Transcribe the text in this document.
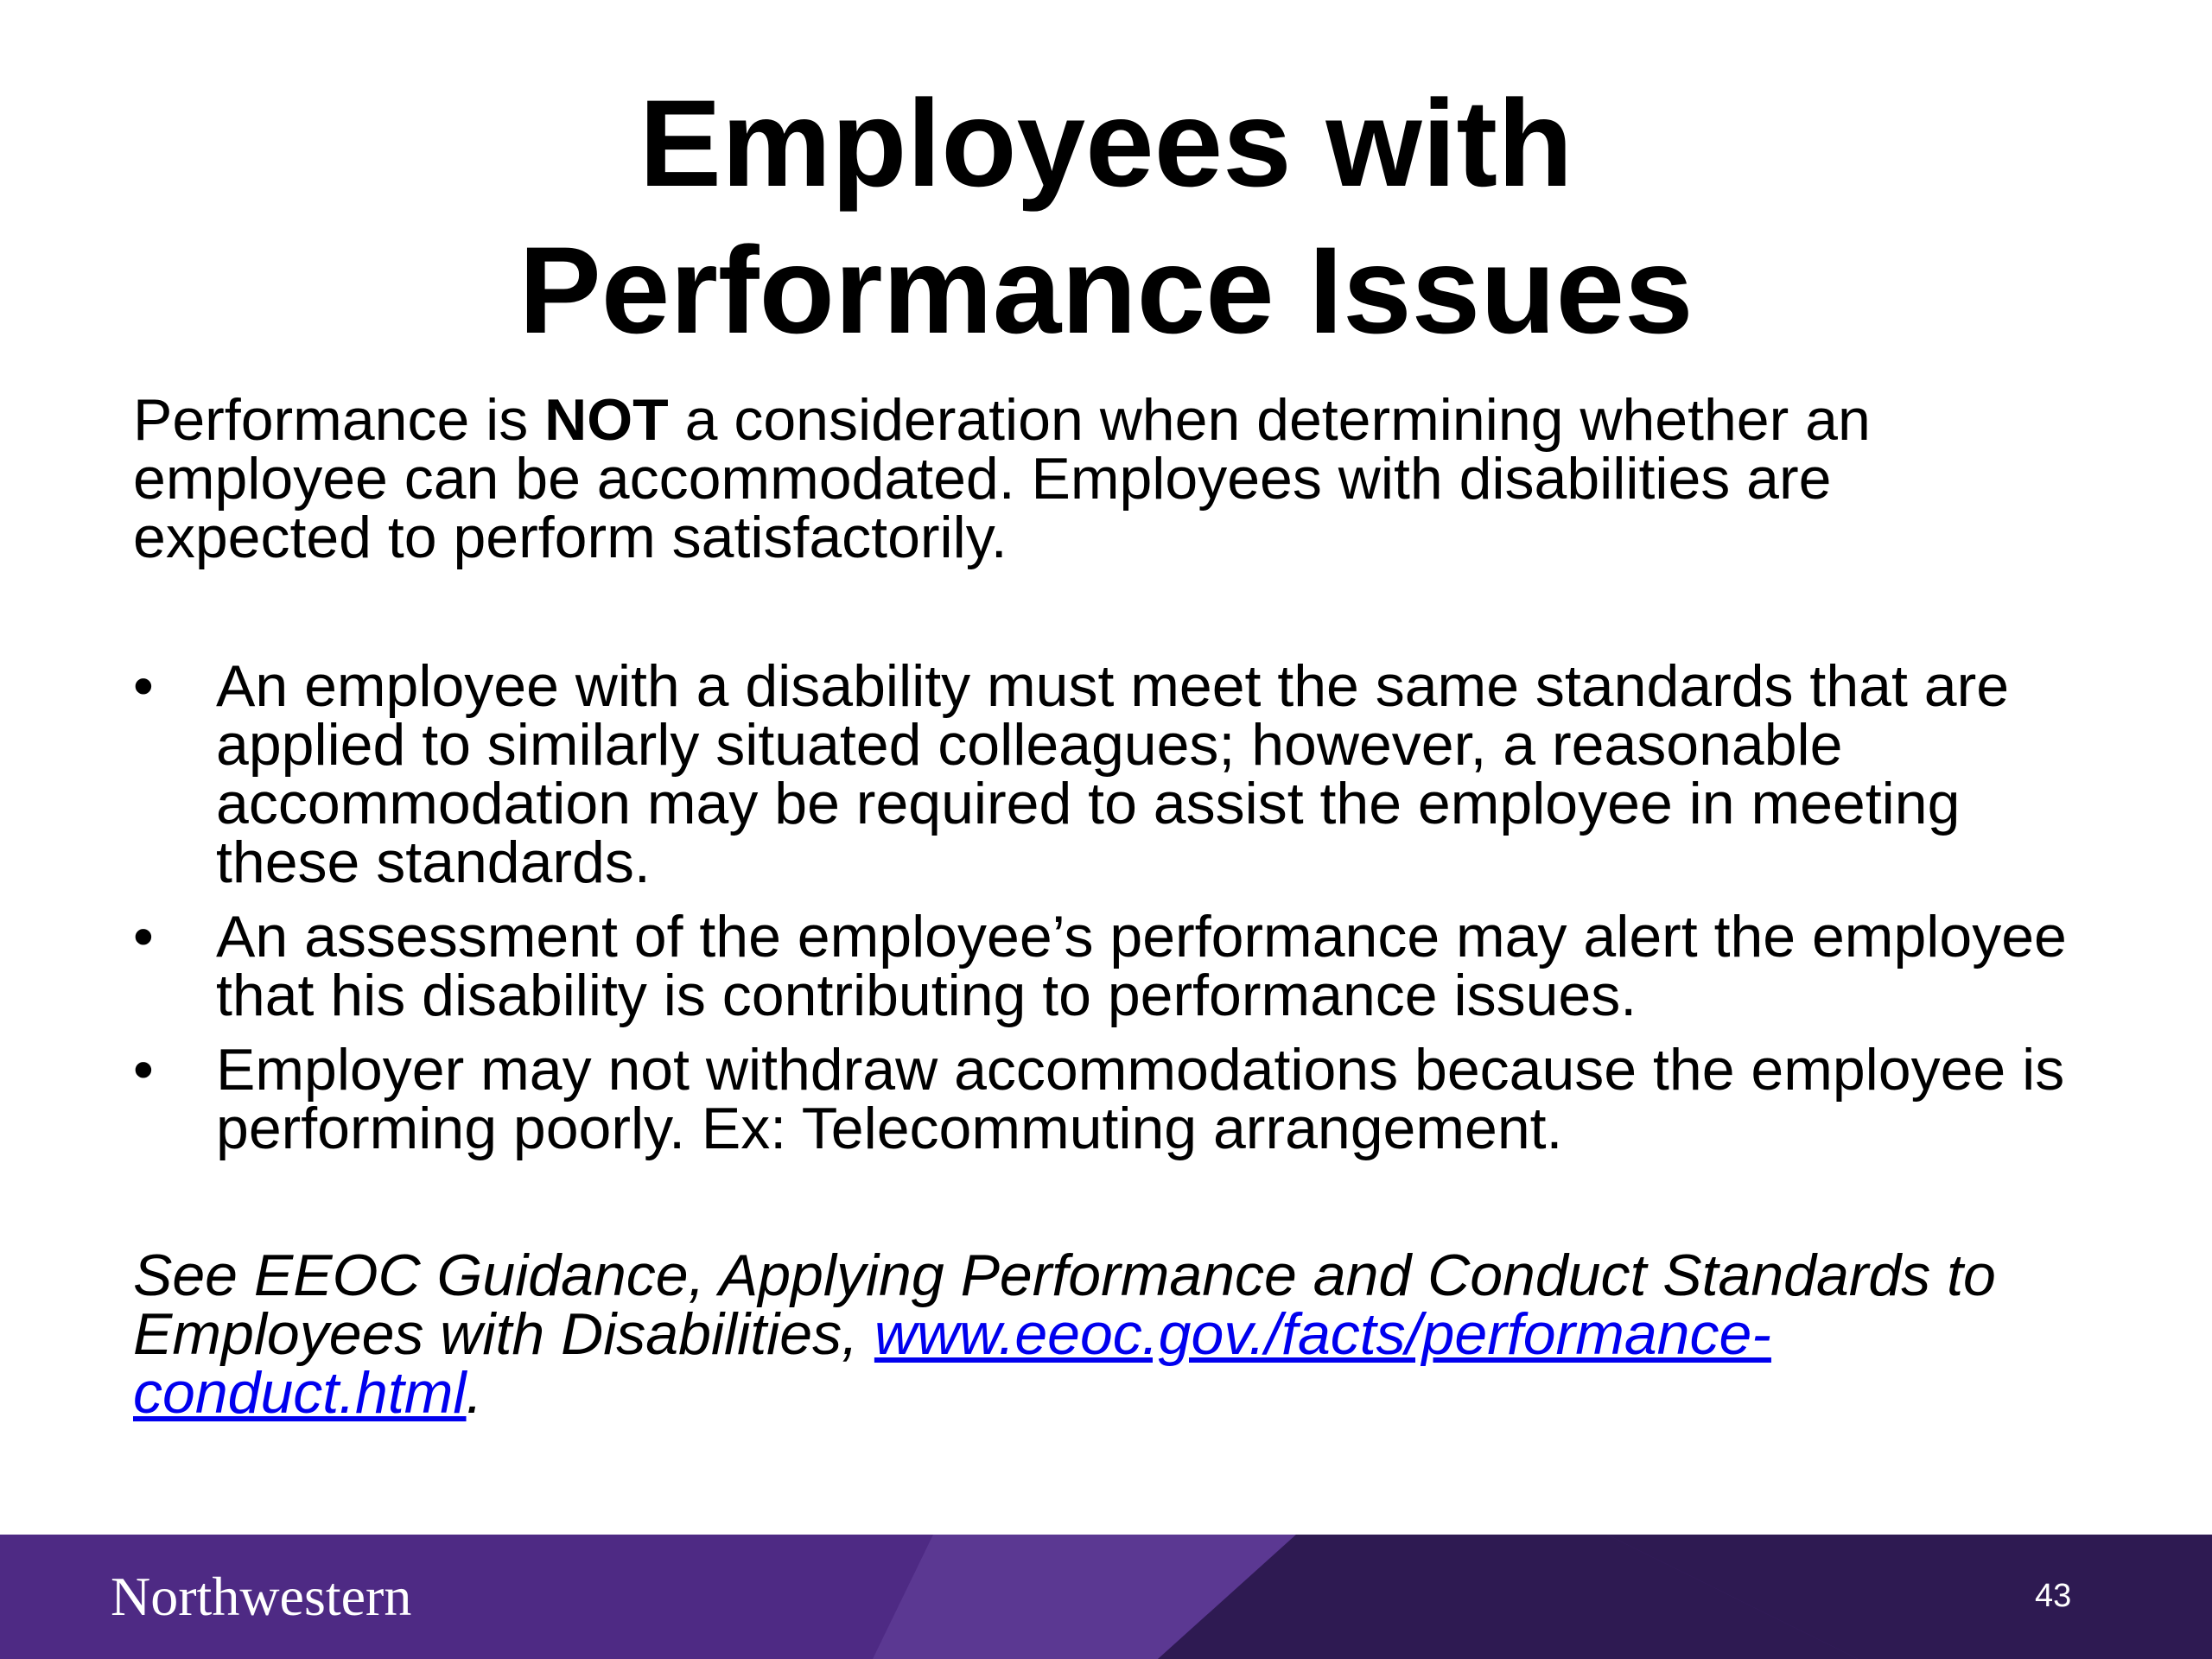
Employees with
Performance Issues

Performance is NOT a consideration when determining whether an employee can be accommodated. Employees with disabilities are expected to perform satisfactorily.

• An employee with a disability must meet the same standards that are applied to similarly situated colleagues; however, a reasonable accommodation may be required to assist the employee in meeting these standards.
• An assessment of the employee’s performance may alert the employee that his disability is contributing to performance issues.
• Employer may not withdraw accommodations because the employee is performing poorly. Ex: Telecommuting arrangement.

See EEOC Guidance, Applying Performance and Conduct Standards to Employees with Disabilities, www.eeoc.gov./facts/performance-conduct.html.

Northwestern	43
